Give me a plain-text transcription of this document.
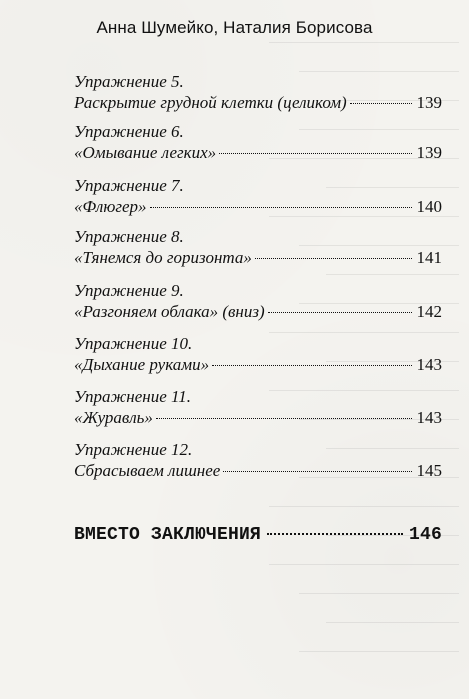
Анна Шумейко, Наталия Борисова
Упражнение 5.
Раскрытие грудной клетки (целиком)	139
Упражнение 6.
«Омывание легких»	139
Упражнение 7.
«Флюгер»	140
Упражнение 8.
«Тянемся до горизонта»	141
Упражнение 9.
«Разгоняем облака» (вниз)	142
Упражнение 10.
«Дыхание руками»	143
Упражнение 11.
«Журавль»	143
Упражнение 12.
Сбрасываем лишнее	145
ВМЕСТО ЗАКЛЮЧЕНИЯ	146
